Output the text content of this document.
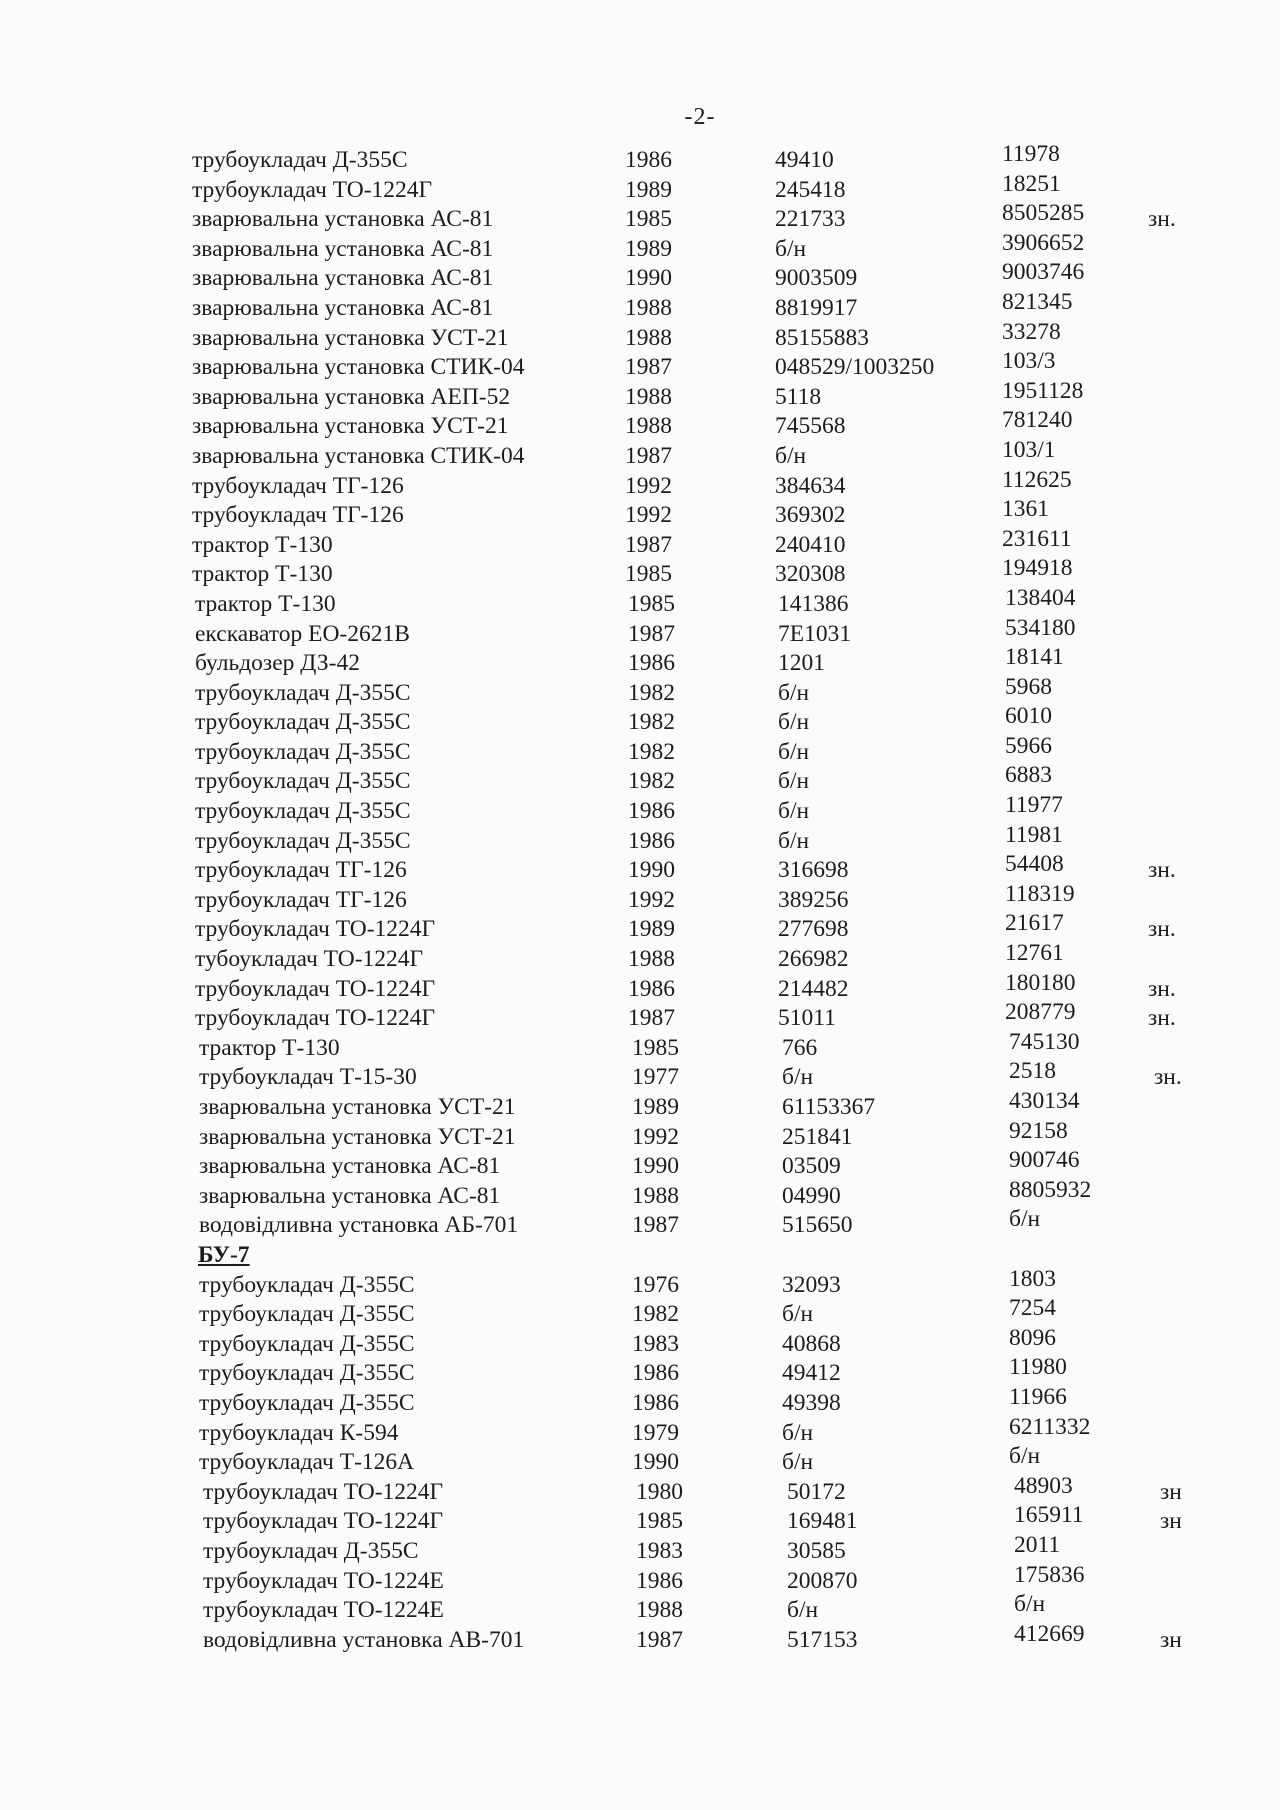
-2-
трубоукладач Д-355С	1986	49410	11978
трубоукладач ТО-1224Г	1989	245418	18251
зварювальна установка АС-81	1985	221733	8505285	зн.
зварювальна установка АС-81	1989	б/н	3906652
зварювальна установка АС-81	1990	9003509	9003746
зварювальна установка АС-81	1988	8819917	821345
зварювальна установка УСТ-21	1988	85155883	33278
зварювальна установка СТИК-04	1987	048529/1003250	103/3
зварювальна установка АЕП-52	1988	5118	1951128
зварювальна установка УСТ-21	1988	745568	781240
зварювальна установка СТИК-04	1987	б/н	103/1
трубоукладач ТГ-126	1992	384634	112625
трубоукладач ТГ-126	1992	369302	1361
трактор Т-130	1987	240410	231611
трактор Т-130	1985	320308	194918
трактор Т-130	1985	141386	138404
екскаватор ЕО-2621В	1987	7Е1031	534180
бульдозер ДЗ-42	1986	1201	18141
трубоукладач Д-355С	1982	б/н	5968
трубоукладач Д-355С	1982	б/н	6010
трубоукладач Д-355С	1982	б/н	5966
трубоукладач Д-355С	1982	б/н	6883
трубоукладач Д-355С	1986	б/н	11977
трубоукладач Д-355С	1986	б/н	11981
трубоукладач ТГ-126	1990	316698	54408	зн.
трубоукладач ТГ-126	1992	389256	118319
трубоукладач ТО-1224Г	1989	277698	21617	зн.
тубоукладач ТО-1224Г	1988	266982	12761
трубоукладач ТО-1224Г	1986	214482	180180	зн.
трубоукладач ТО-1224Г	1987	51011	208779	зн.
трактор Т-130	1985	766	745130
трубоукладач Т-15-30	1977	б/н	2518	зн.
зварювальна установка УСТ-21	1989	61153367	430134
зварювальна установка УСТ-21	1992	251841	92158
зварювальна установка АС-81	1990	03509	900746
зварювальна установка АС-81	1988	04990	8805932
водовідливна установка АБ-701	1987	515650	б/н
БУ-7
трубоукладач Д-355С	1976	32093	1803
трубоукладач Д-355С	1982	б/н	7254
трубоукладач Д-355С	1983	40868	8096
трубоукладач Д-355С	1986	49412	11980
трубоукладач Д-355С	1986	49398	11966
трубоукладач К-594	1979	б/н	6211332
трубоукладач Т-126А	1990	б/н	б/н
трубоукладач ТО-1224Г	1980	50172	48903	зн
трубоукладач ТО-1224Г	1985	169481	165911	зн
трубоукладач Д-355С	1983	30585	2011
трубоукладач ТО-1224Е	1986	200870	175836
трубоукладач ТО-1224Е	1988	б/н	б/н
водовідливна установка АВ-701	1987	517153	412669	зн
